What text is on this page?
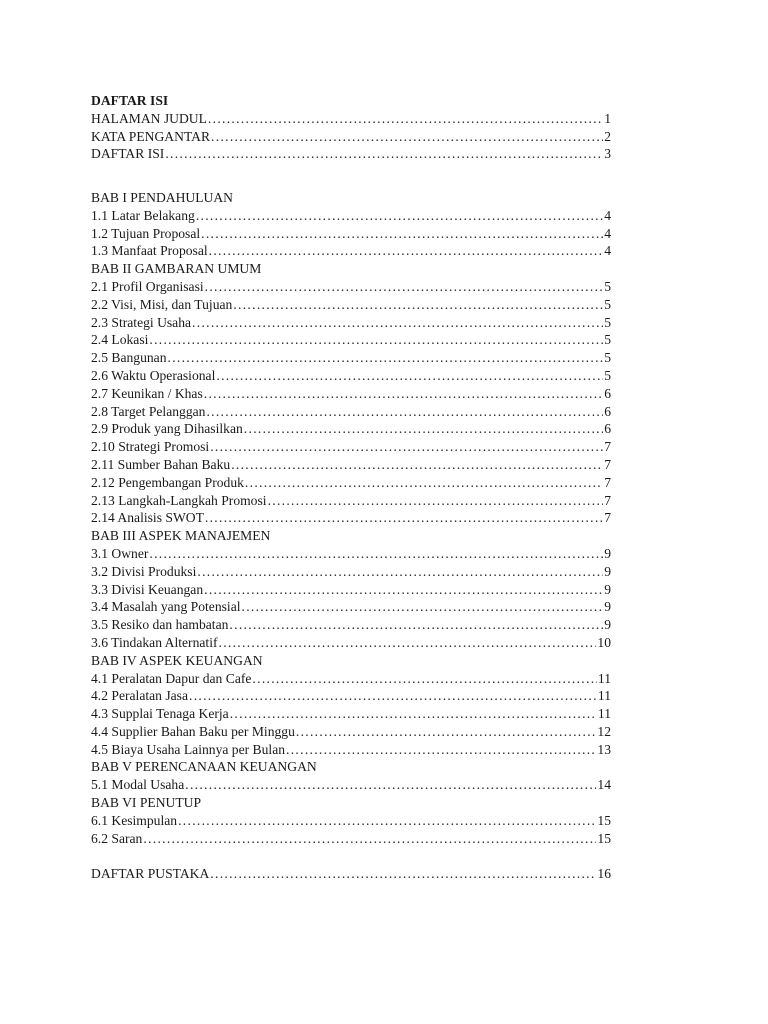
DAFTAR ISI
HALAMAN JUDUL .....	1
KATA PENGANTAR .....	2
DAFTAR ISI .....	3
BAB I PENDAHULUAN
1.1 Latar Belakang .....	4
1.2 Tujuan Proposal .....	4
1.3 Manfaat Proposal .....	4
BAB II GAMBARAN UMUM
2.1 Profil Organisasi .....	5
2.2 Visi, Misi, dan Tujuan .....	5
2.3 Strategi Usaha .....	5
2.4 Lokasi .....	5
2.5 Bangunan .....	5
2.6 Waktu Operasional .....	5
2.7 Keunikan / Khas .....	6
2.8 Target Pelanggan .....	6
2.9 Produk yang Dihasilkan .....	6
2.10 Strategi Promosi .....	7
2.11 Sumber Bahan Baku .....	7
2.12 Pengembangan Produk .....	7
2.13 Langkah-Langkah Promosi .....	7
2.14 Analisis SWOT .....	7
BAB III ASPEK MANAJEMEN
3.1 Owner .....	9
3.2 Divisi Produksi .....	9
3.3 Divisi Keuangan .....	9
3.4 Masalah yang Potensial .....	9
3.5 Resiko dan hambatan .....	9
3.6 Tindakan Alternatif .....	10
BAB IV ASPEK KEUANGAN
4.1 Peralatan Dapur dan Cafe .....	11
4.2 Peralatan Jasa .....	11
4.3 Supplai Tenaga Kerja .....	11
4.4 Supplier Bahan Baku per Minggu .....	12
4.5 Biaya Usaha Lainnya per Bulan .....	13
BAB V PERENCANAAN KEUANGAN
5.1 Modal Usaha .....	14
BAB VI PENUTUP
6.1 Kesimpulan .....	15
6.2 Saran .....	15
DAFTAR PUSTAKA .....	16
